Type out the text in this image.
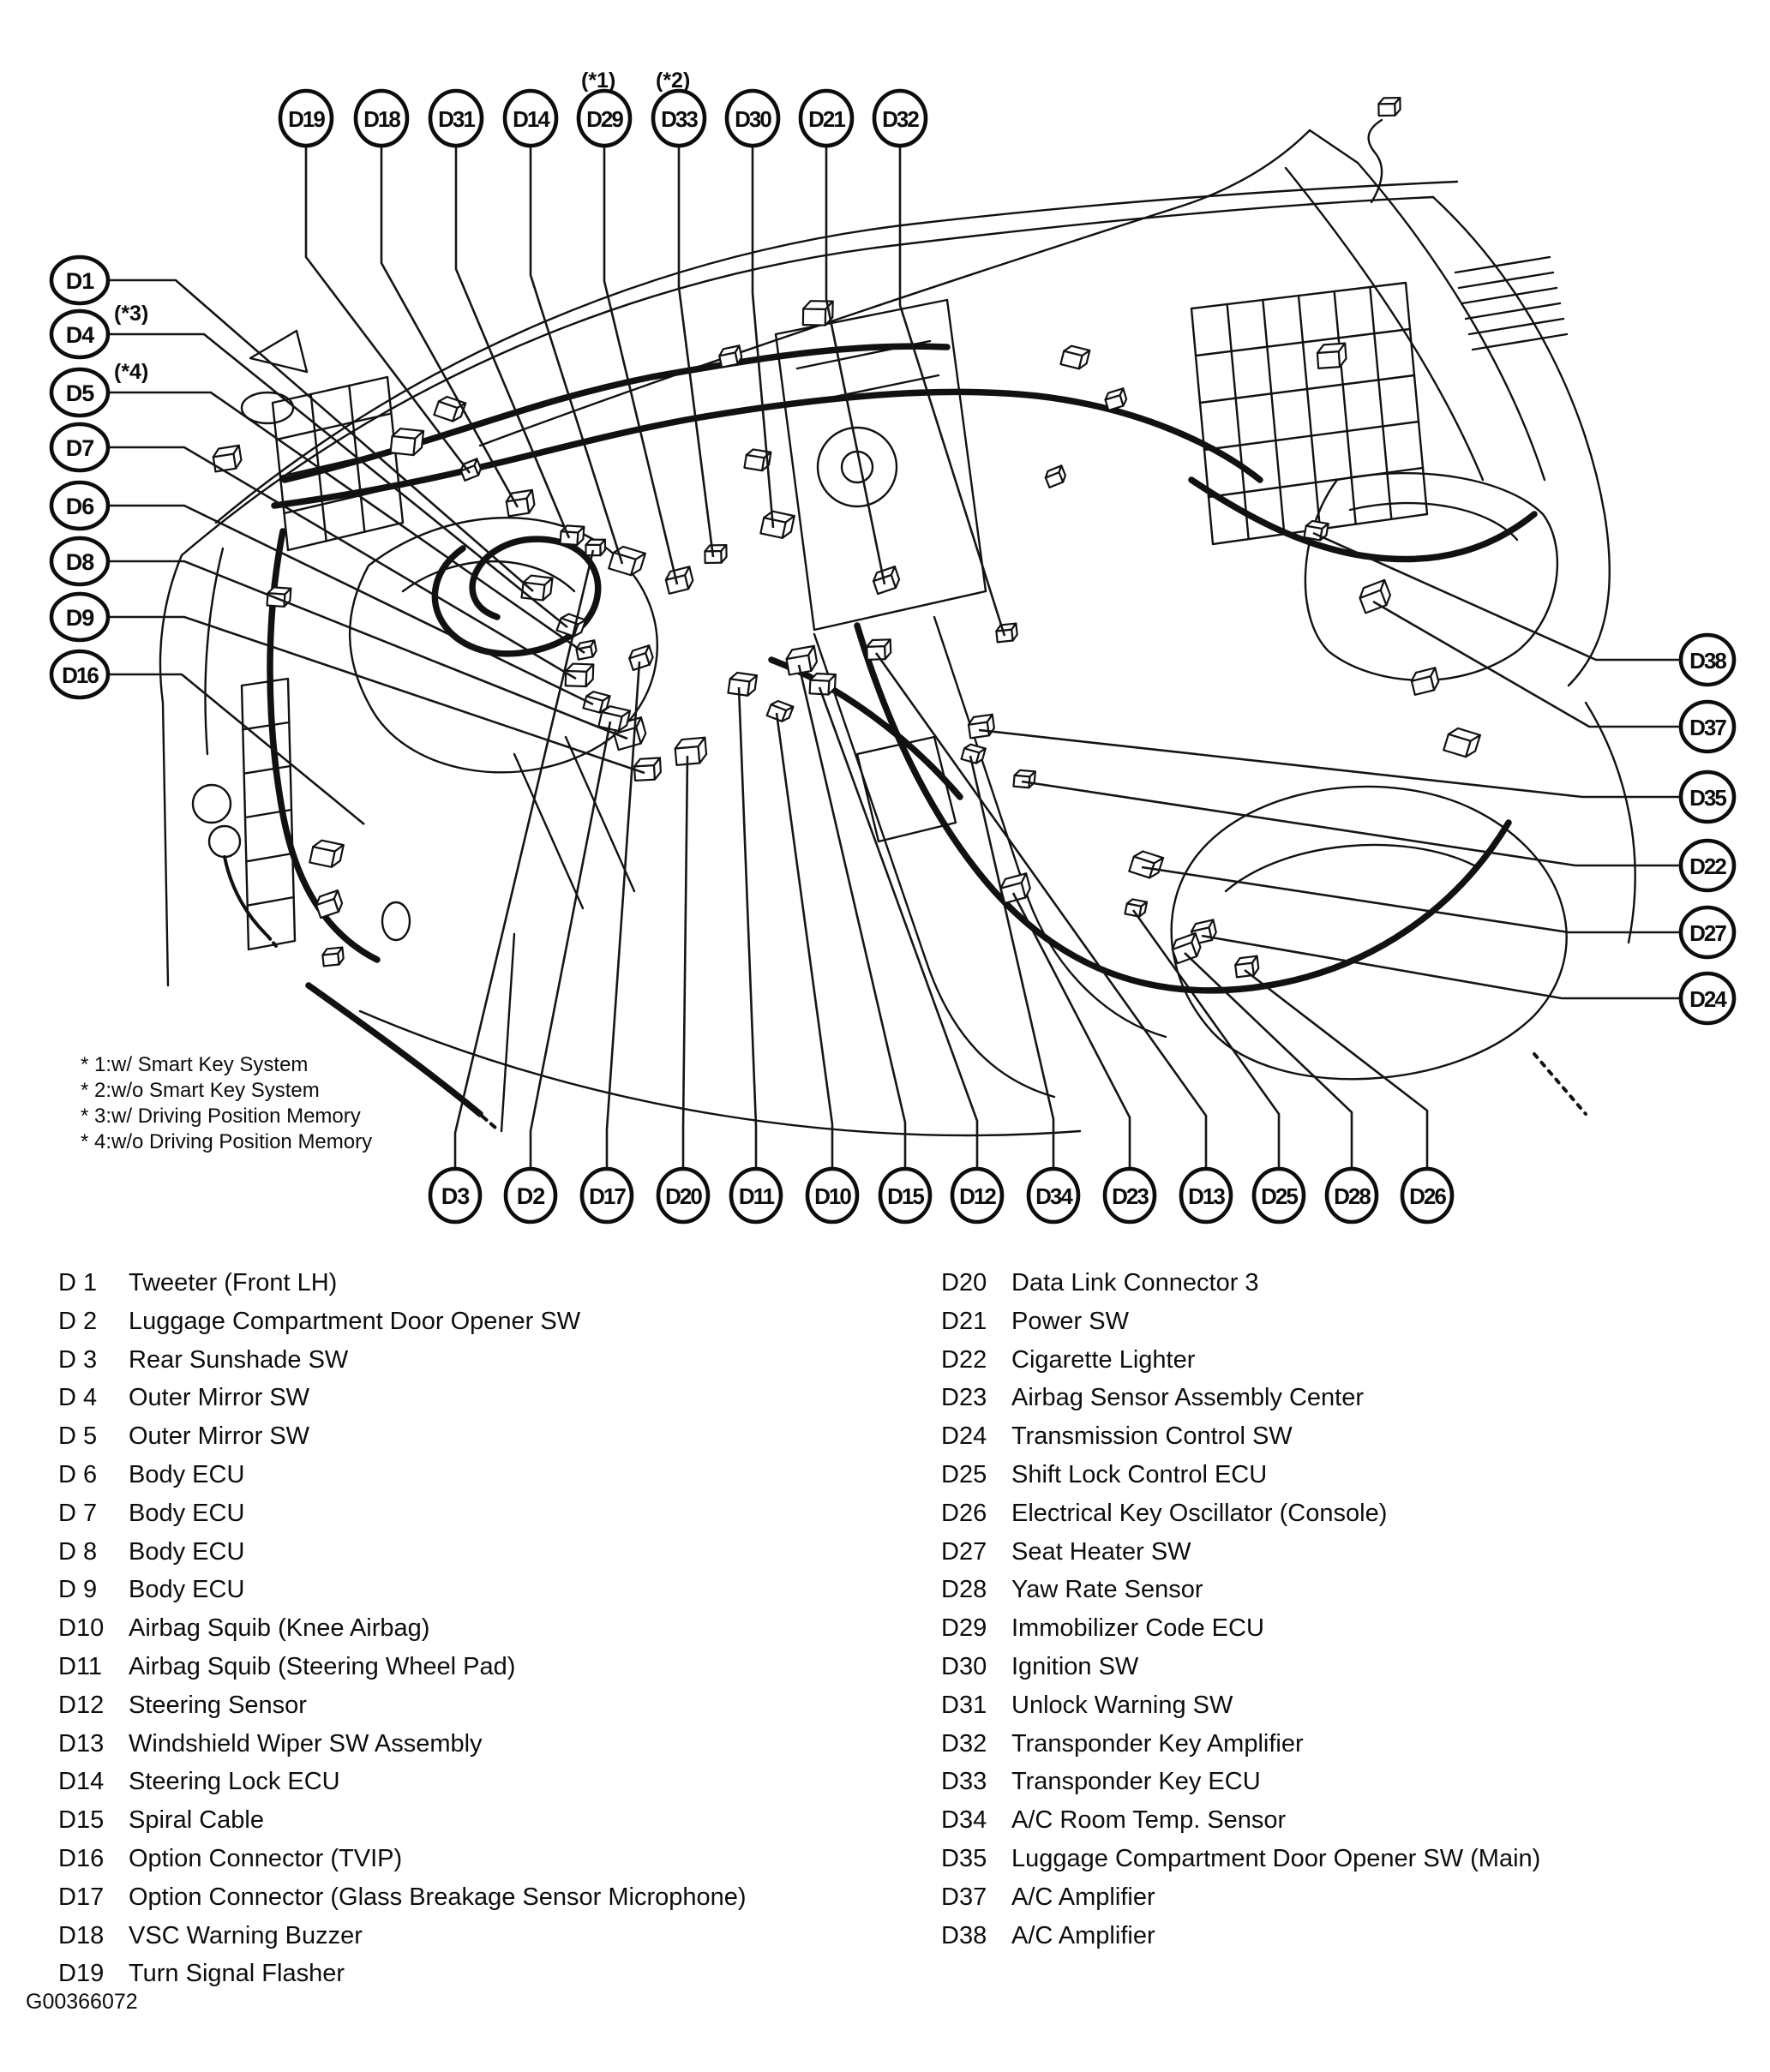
D19 D18 D31 D14 D29 D33 D30 D21 D32
D1
D4
D5
D7
D6
D8
D9
D16
D38
D37
D35
D22
D27
D24
D3 D2 D17 D20 D11 D10 D15 D12 D34 D23 D13 D25 D28 D26
(*1) (*2)
(*3)
(*4)
* 1:w/ Smart Key System
* 2:w/o Smart Key System
* 3:w/ Driving Position Memory
* 4:w/o Driving Position Memory
D 1 Tweeter (Front LH)
D 2 Luggage Compartment Door Opener SW
D 3 Rear Sunshade SW
D 4 Outer Mirror SW
D 5 Outer Mirror SW
D 6 Body ECU
D 7 Body ECU
D 8 Body ECU
D 9 Body ECU
D10 Airbag Squib (Knee Airbag)
D11 Airbag Squib (Steering Wheel Pad)
D12 Steering Sensor
D13 Windshield Wiper SW Assembly
D14 Steering Lock ECU
D15 Spiral Cable
D16 Option Connector (TVIP)
D17 Option Connector (Glass Breakage Sensor Microphone)
D18 VSC Warning Buzzer
D19 Turn Signal Flasher
D20 Data Link Connector 3
D21 Power SW
D22 Cigarette Lighter
D23 Airbag Sensor Assembly Center
D24 Transmission Control SW
D25 Shift Lock Control ECU
D26 Electrical Key Oscillator (Console)
D27 Seat Heater SW
D28 Yaw Rate Sensor
D29 Immobilizer Code ECU
D30 Ignition SW
D31 Unlock Warning SW
D32 Transponder Key Amplifier
D33 Transponder Key ECU
D34 A/C Room Temp. Sensor
D35 Luggage Compartment Door Opener SW (Main)
D37 A/C Amplifier
D38 A/C Amplifier
G00366072
